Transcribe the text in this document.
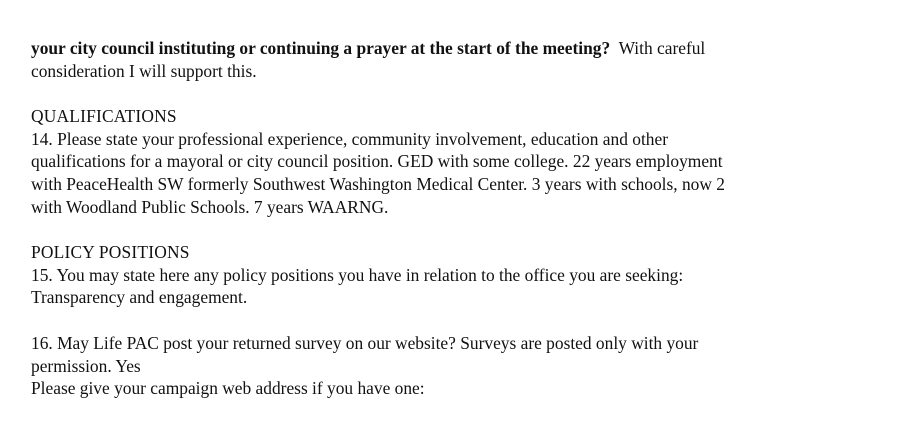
your city council instituting or continuing a prayer at the start of the meeting? With careful
consideration I will support this.
QUALIFICATIONS
14. Please state your professional experience, community involvement, education and other
qualifications for a mayoral or city council position. GED with some college. 22 years employment
with PeaceHealth SW formerly Southwest Washington Medical Center. 3 years with schools, now 2
with Woodland Public Schools. 7 years WAARNG.
POLICY POSITIONS
15. You may state here any policy positions you have in relation to the office you are seeking:
Transparency and engagement.
16. May Life PAC post your returned survey on our website? Surveys are posted only with your
permission. Yes
Please give your campaign web address if you have one:
